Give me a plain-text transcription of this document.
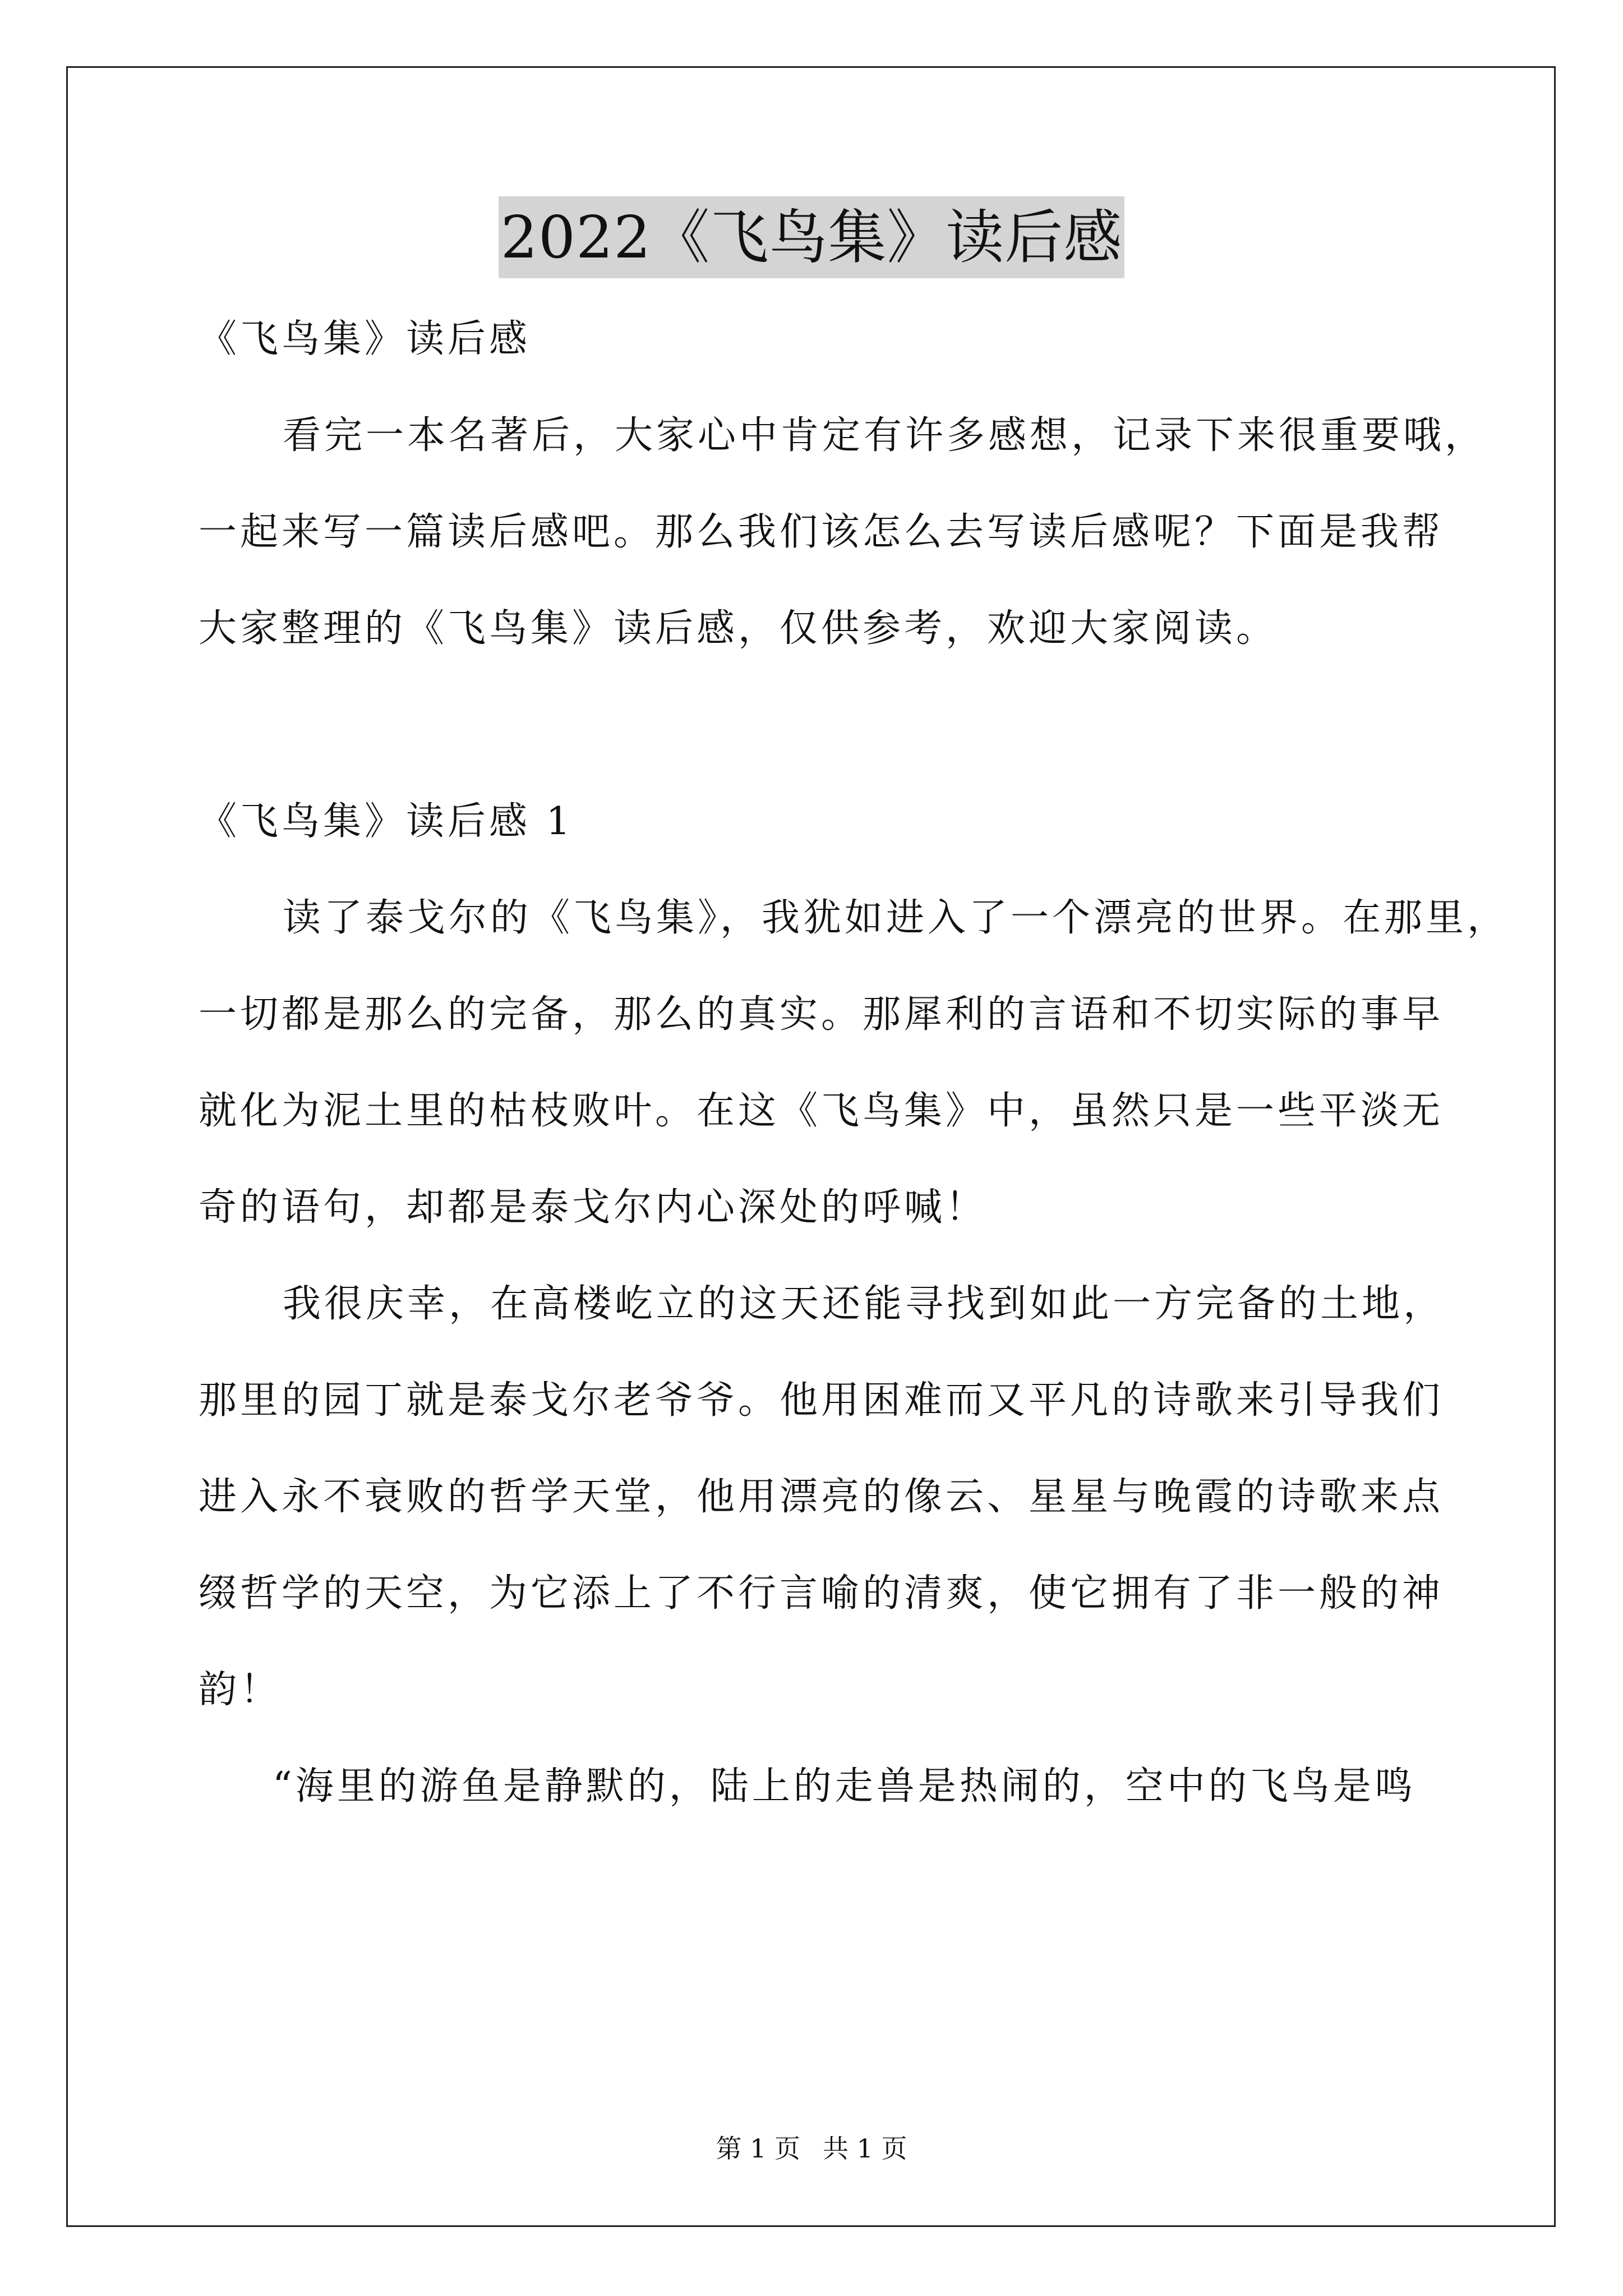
2022《飞鸟集》读后感
《飞鸟集》读后感
看完一本名著后，大家心中肯定有许多感想，记录下来很重要哦，
一起来写一篇读后感吧。那么我们该怎么去写读后感呢？下面是我帮
大家整理的《飞鸟集》读后感，仅供参考，欢迎大家阅读。
《飞鸟集》读后感 1
读了泰戈尔的《飞鸟集》，我犹如进入了一个漂亮的世界。在那里，
一切都是那么的完备，那么的真实。那犀利的言语和不切实际的事早
就化为泥土里的枯枝败叶。在这《飞鸟集》中，虽然只是一些平淡无
奇的语句，却都是泰戈尔内心深处的呼喊！
我很庆幸，在高楼屹立的这天还能寻找到如此一方完备的土地，
那里的园丁就是泰戈尔老爷爷。他用困难而又平凡的诗歌来引导我们
进入永不衰败的哲学天堂，他用漂亮的像云、星星与晚霞的诗歌来点
缀哲学的天空，为它添上了不行言喻的清爽，使它拥有了非一般的神
韵！
“海里的游鱼是静默的，陆上的走兽是热闹的，空中的飞鸟是鸣
第 1 页 共 1 页
